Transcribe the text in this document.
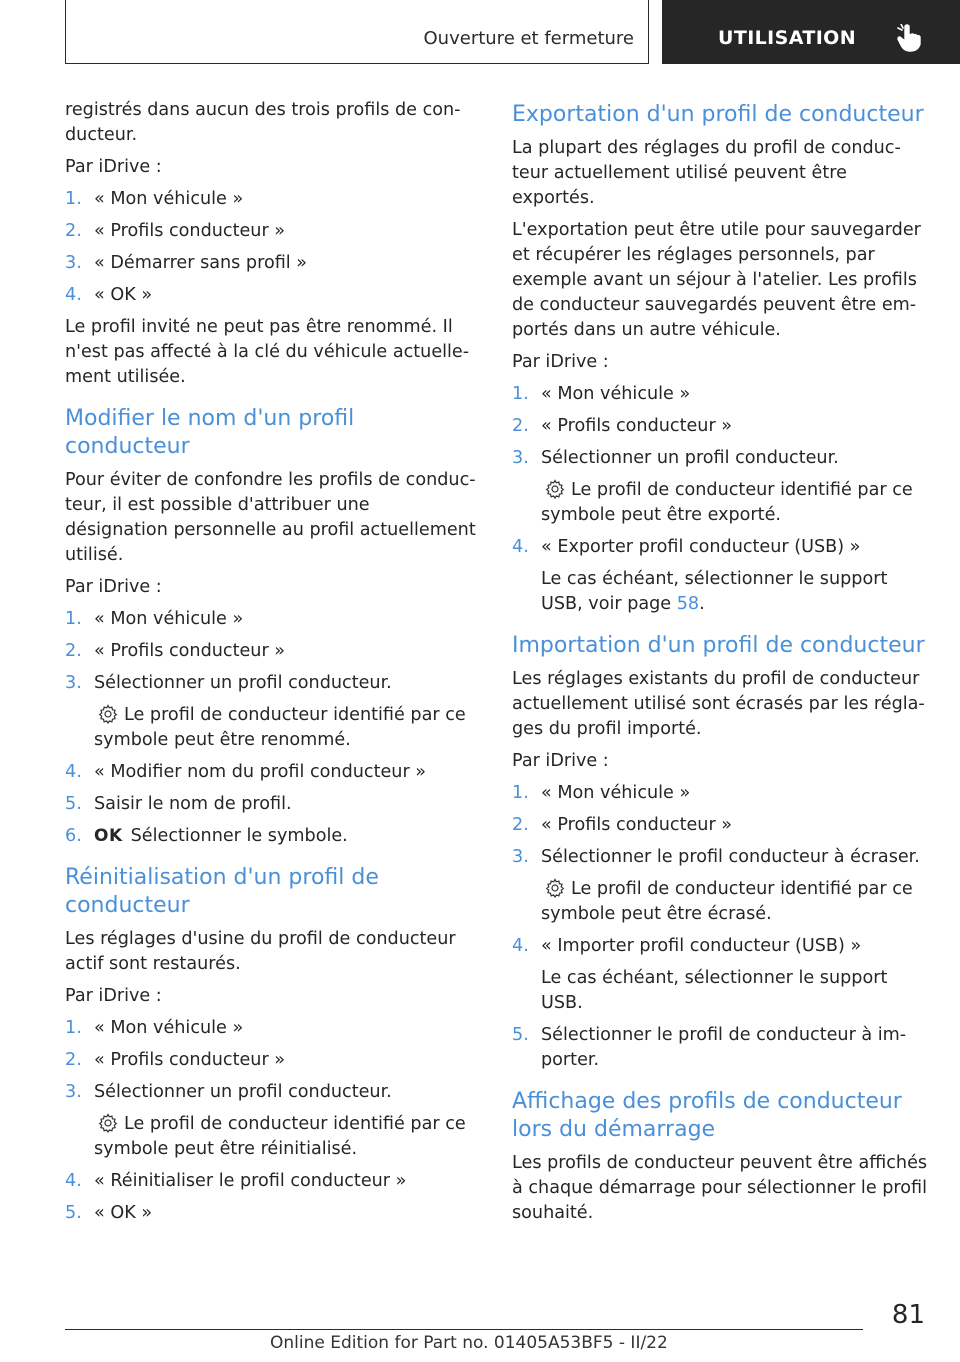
Ouverture et fermeture	UTILISATION

registrés dans aucun des trois profils de con-ducteur.

Par iDrive :

1. « Mon véhicule »
2. « Profils conducteur »
3. « Démarrer sans profil »
4. « OK »

Le profil invité ne peut pas être renommé. Il n'est pas affecté à la clé du véhicule actuelle-ment utilisée.

Modifier le nom d'un profil conducteur

Pour éviter de confondre les profils de conduc-teur, il est possible d'attribuer une désignation personnelle au profil actuellement utilisé.

Par iDrive :

1. « Mon véhicule »
2. « Profils conducteur »
3. Sélectionner un profil conducteur.
Le profil de conducteur identifié par ce symbole peut être renommé.
4. « Modifier nom du profil conducteur »
5. Saisir le nom de profil.
6. OK Sélectionner le symbole.
Réinitialisation d'un profil de conducteur

Les réglages d'usine du profil de conducteur actif sont restaurés.

Par iDrive :

1. « Mon véhicule »
2. « Profils conducteur »
3. Sélectionner un profil conducteur.
Le profil de conducteur identifié par ce symbole peut être réinitialisé.
4. « Réinitialiser le profil conducteur »
5. « OK »
Exportation d'un profil de conducteur

La plupart des réglages du profil de conduc-teur actuellement utilisé peuvent être exportés.

L'exportation peut être utile pour sauvegarder et récupérer les réglages personnels, par exemple avant un séjour à l'atelier. Les profils de conducteur sauvegardés peuvent être em-portés dans un autre véhicule.

Par iDrive :

1. « Mon véhicule »
2. « Profils conducteur »
3. Sélectionner un profil conducteur.
Le profil de conducteur identifié par ce symbole peut être exporté.
4. « Exporter profil conducteur (USB) »
Le cas échéant, sélectionner le support USB, voir page 58.
Importation d'un profil de conducteur

Les réglages existants du profil de conducteur actuellement utilisé sont écrasés par les régla-ges du profil importé.

Par iDrive :

1. « Mon véhicule »
2. « Profils conducteur »
3. Sélectionner le profil conducteur à écraser.
Le profil de conducteur identifié par ce symbole peut être écrasé.
4. « Importer profil conducteur (USB) »
Le cas échéant, sélectionner le support USB.
5. Sélectionner le profil de conducteur à im-porter.
Affichage des profils de conducteur lors du démarrage

Les profils de conducteur peuvent être affichés à chaque démarrage pour sélectionner le profil souhaité.

81
Online Edition for Part no. 01405A53BF5 - II/22
